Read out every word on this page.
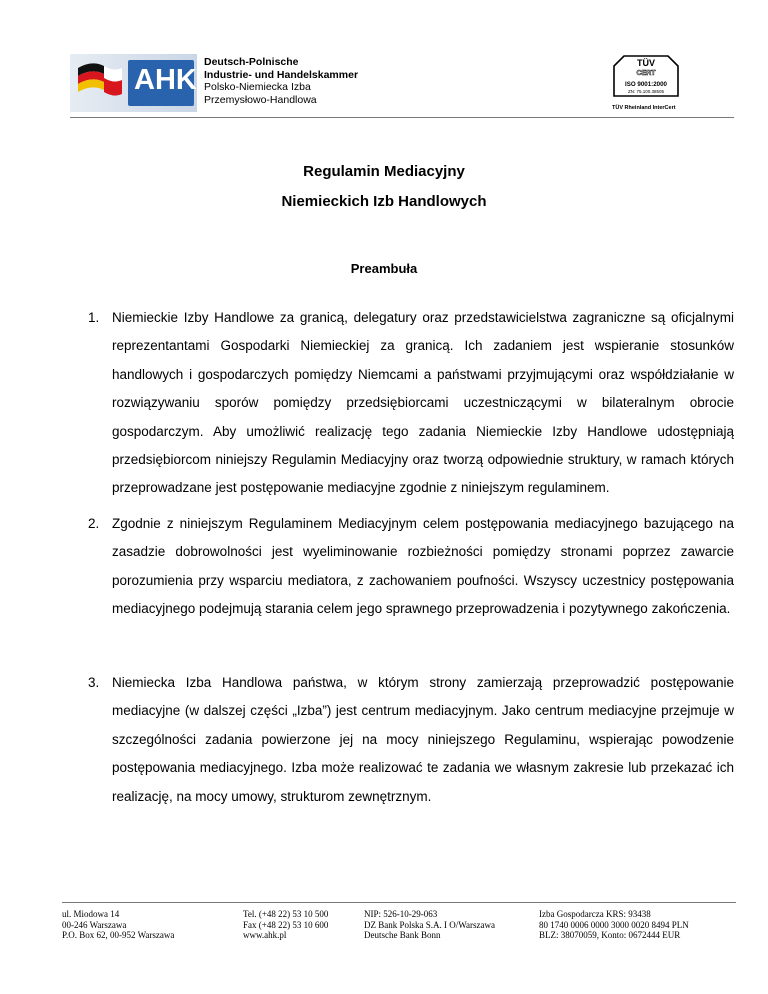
AHK
Deutsch-Polnische
Industrie- und Handelskammer
Polsko-Niemiecka Izba
Przemysłowo-Handlowa
TÜV
CERT
ISO 9001:2000
ZN: 75.100.38505
TÜV Rheinland InterCert
Regulamin Mediacyjny
Niemieckich Izb Handlowych
Preambuła
1. Niemieckie Izby Handlowe za granicą, delegatury oraz przedstawicielstwa zagraniczne są oficjalnymi reprezentantami Gospodarki Niemieckiej za granicą. Ich zadaniem jest wspieranie stosunków handlowych i gospodarczych pomiędzy Niemcami a państwami przyjmującymi oraz współdziałanie w rozwiązywaniu sporów pomiędzy przedsiębiorcami uczestniczącymi w bilateralnym obrocie gospodarczym. Aby umożliwić realizację tego zadania Niemieckie Izby Handlowe udostępniają przedsiębiorcom niniejszy Regulamin Mediacyjny oraz tworzą odpowiednie struktury, w ramach których przeprowadzane jest postępowanie mediacyjne zgodnie z niniejszym regulaminem.
2. Zgodnie z niniejszym Regulaminem Mediacyjnym celem postępowania mediacyjnego bazującego na zasadzie dobrowolności jest wyeliminowanie rozbieżności pomiędzy stronami poprzez zawarcie porozumienia przy wsparciu mediatora, z zachowaniem poufności. Wszyscy uczestnicy postępowania mediacyjnego podejmują starania celem jego sprawnego przeprowadzenia i pozytywnego zakończenia.
3. Niemiecka Izba Handlowa państwa, w którym strony zamierzają przeprowadzić postępowanie mediacyjne (w dalszej części „Izba”) jest centrum mediacyjnym. Jako centrum mediacyjne przejmuje w szczególności zadania powierzone jej na mocy niniejszego Regulaminu, wspierając powodzenie postępowania mediacyjnego. Izba może realizować te zadania we własnym zakresie lub przekazać ich realizację, na mocy umowy, strukturom zewnętrznym.
ul. Miodowa 14
00-246 Warszawa
P.O. Box 62, 00-952 Warszawa
Tel. (+48 22) 53 10 500
Fax (+48 22) 53 10 600
www.ahk.pl
NIP: 526-10-29-063
DZ Bank Polska S.A. I O/Warszawa
Deutsche Bank Bonn
Izba Gospodarcza KRS: 93438
80 1740 0006 0000 3000 0020 8494 PLN
BLZ: 38070059, Konto: 0672444 EUR
